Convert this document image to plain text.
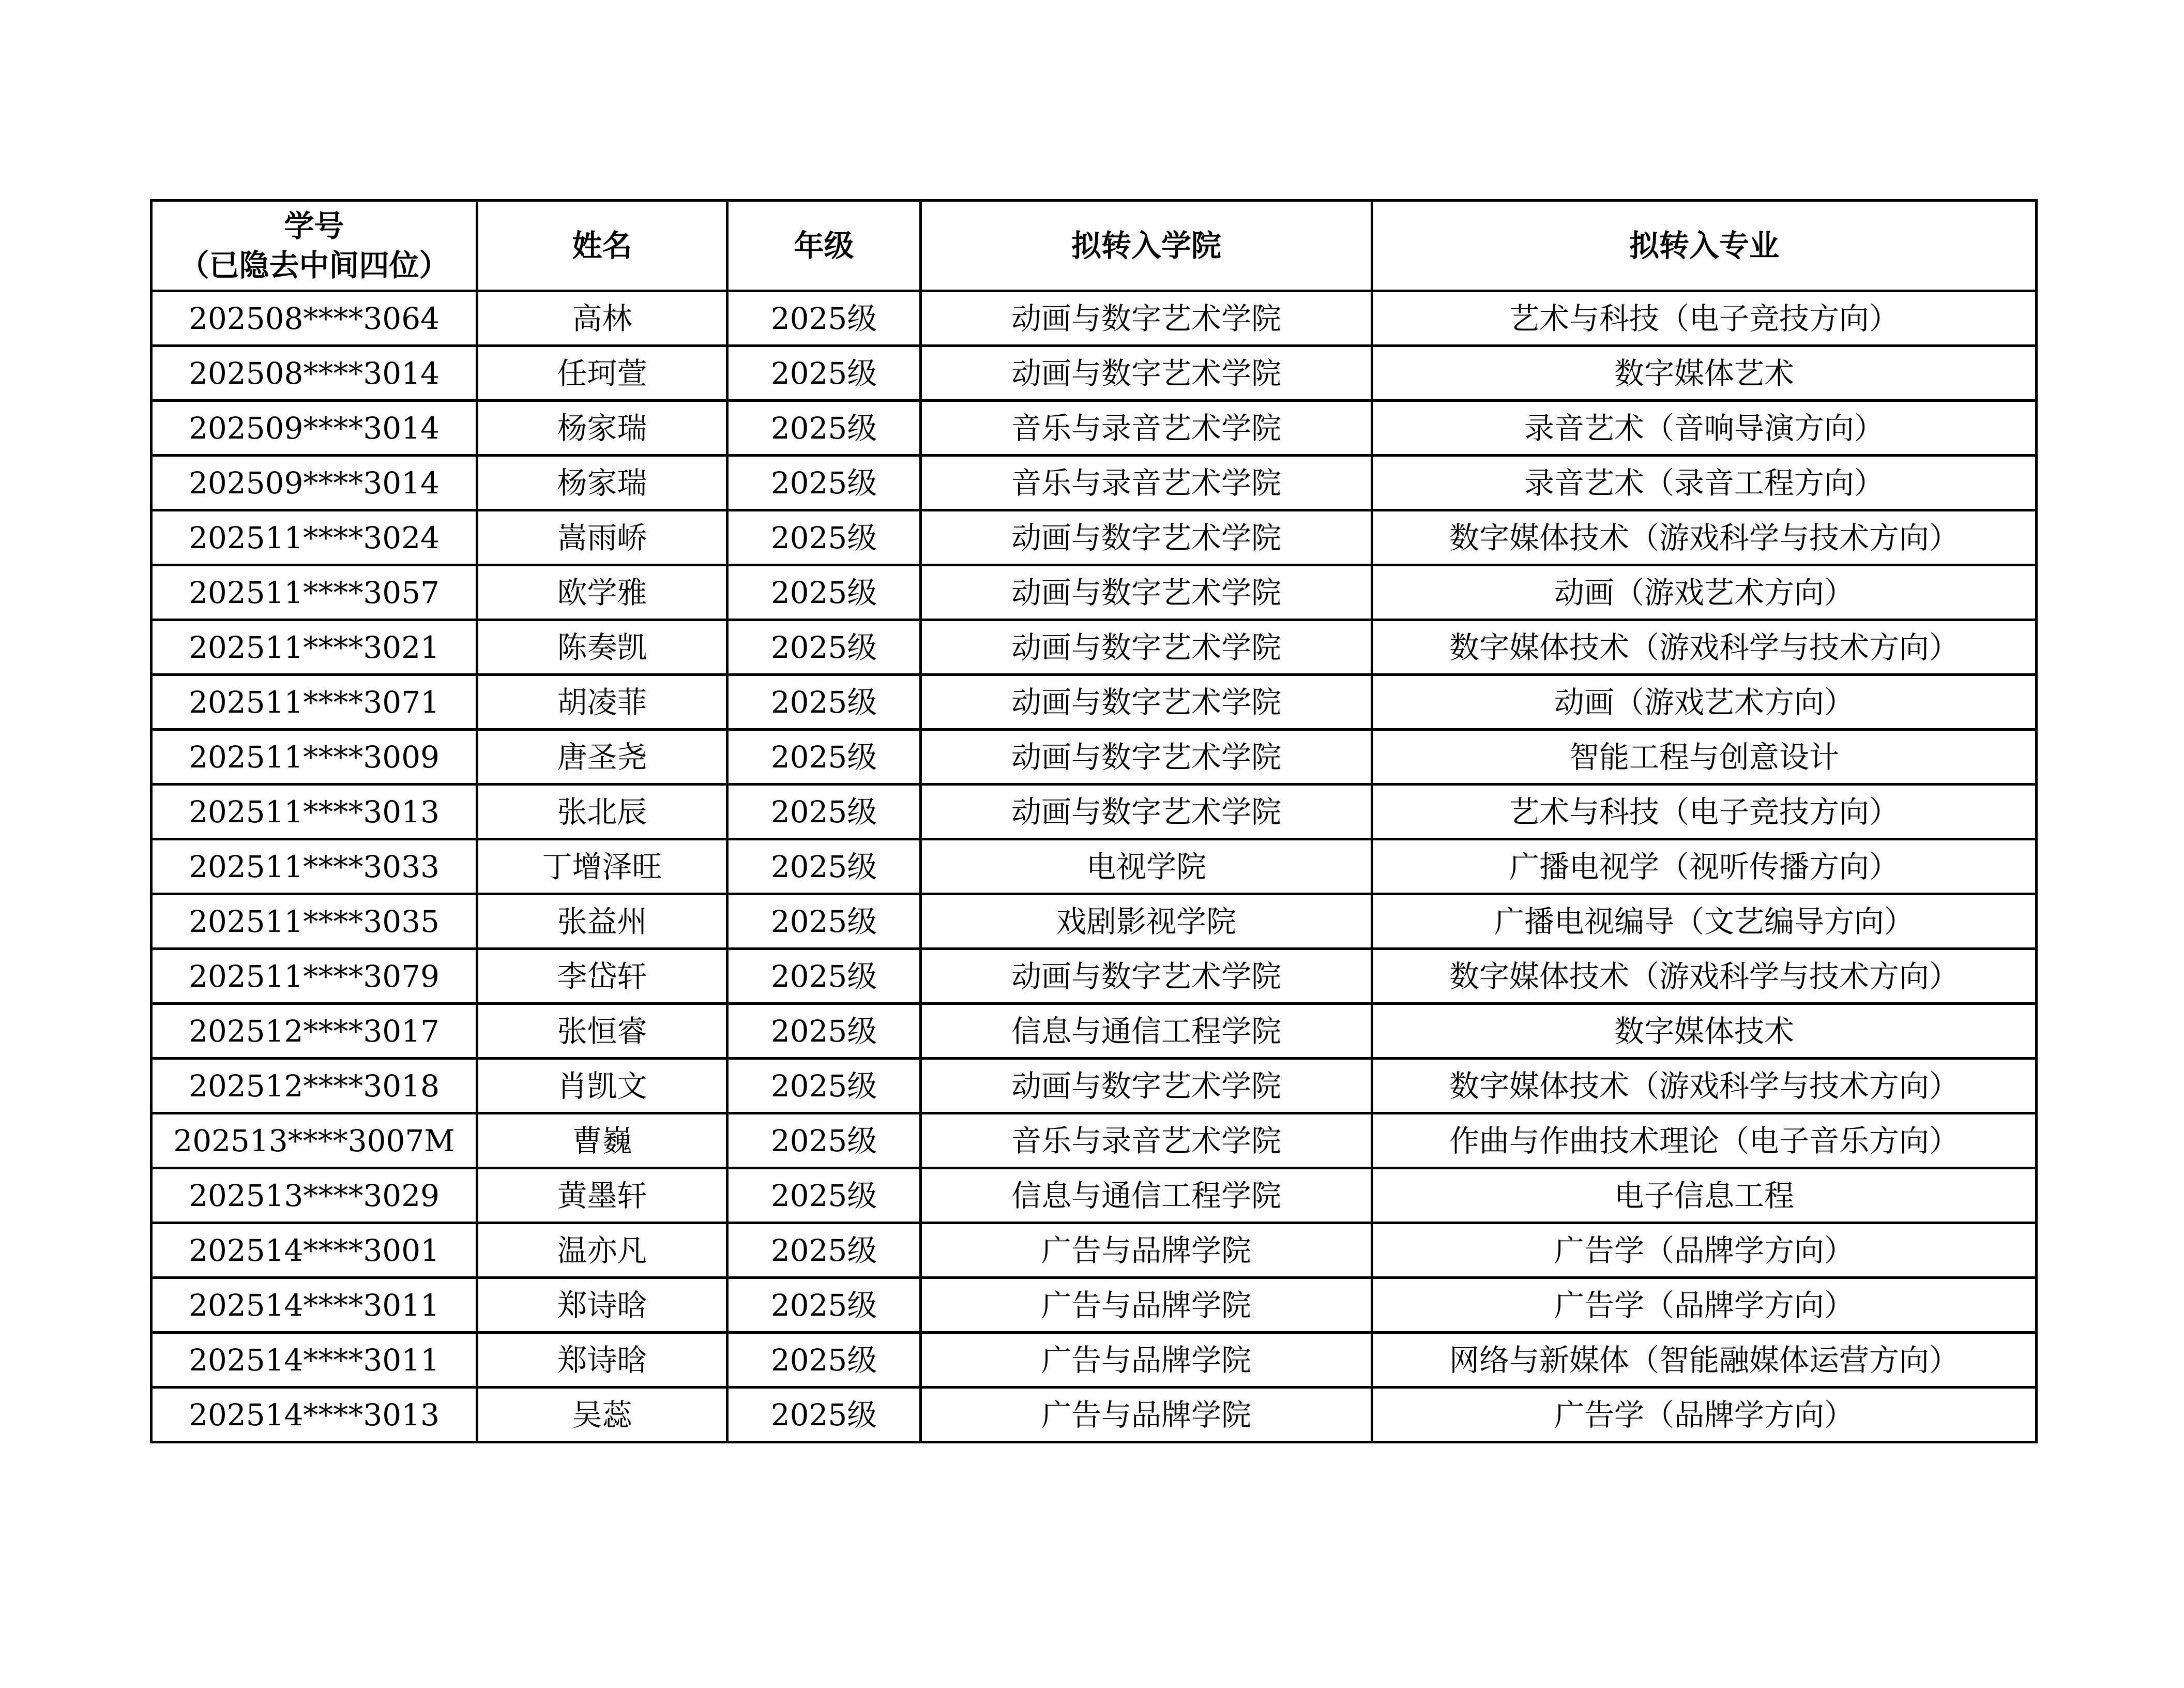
学号
（已隐去中间四位）	姓名	年级	拟转入学院	拟转入专业
202508****3064	高林	2025级	动画与数字艺术学院	艺术与科技（电子竞技方向）
202508****3014	任珂萱	2025级	动画与数字艺术学院	数字媒体艺术
202509****3014	杨家瑞	2025级	音乐与录音艺术学院	录音艺术（音响导演方向）
202509****3014	杨家瑞	2025级	音乐与录音艺术学院	录音艺术（录音工程方向）
202511****3024	嵩雨峤	2025级	动画与数字艺术学院	数字媒体技术（游戏科学与技术方向）
202511****3057	欧学雅	2025级	动画与数字艺术学院	动画（游戏艺术方向）
202511****3021	陈奏凯	2025级	动画与数字艺术学院	数字媒体技术（游戏科学与技术方向）
202511****3071	胡凌菲	2025级	动画与数字艺术学院	动画（游戏艺术方向）
202511****3009	唐圣尧	2025级	动画与数字艺术学院	智能工程与创意设计
202511****3013	张北辰	2025级	动画与数字艺术学院	艺术与科技（电子竞技方向）
202511****3033	丁增泽旺	2025级	电视学院	广播电视学（视听传播方向）
202511****3035	张益州	2025级	戏剧影视学院	广播电视编导（文艺编导方向）
202511****3079	李岱轩	2025级	动画与数字艺术学院	数字媒体技术（游戏科学与技术方向）
202512****3017	张恒睿	2025级	信息与通信工程学院	数字媒体技术
202512****3018	肖凯文	2025级	动画与数字艺术学院	数字媒体技术（游戏科学与技术方向）
202513****3007M	曹巍	2025级	音乐与录音艺术学院	作曲与作曲技术理论（电子音乐方向）
202513****3029	黄墨轩	2025级	信息与通信工程学院	电子信息工程
202514****3001	温亦凡	2025级	广告与品牌学院	广告学（品牌学方向）
202514****3011	郑诗晗	2025级	广告与品牌学院	广告学（品牌学方向）
202514****3011	郑诗晗	2025级	广告与品牌学院	网络与新媒体（智能融媒体运营方向）
202514****3013	吴蕊	2025级	广告与品牌学院	广告学（品牌学方向）
